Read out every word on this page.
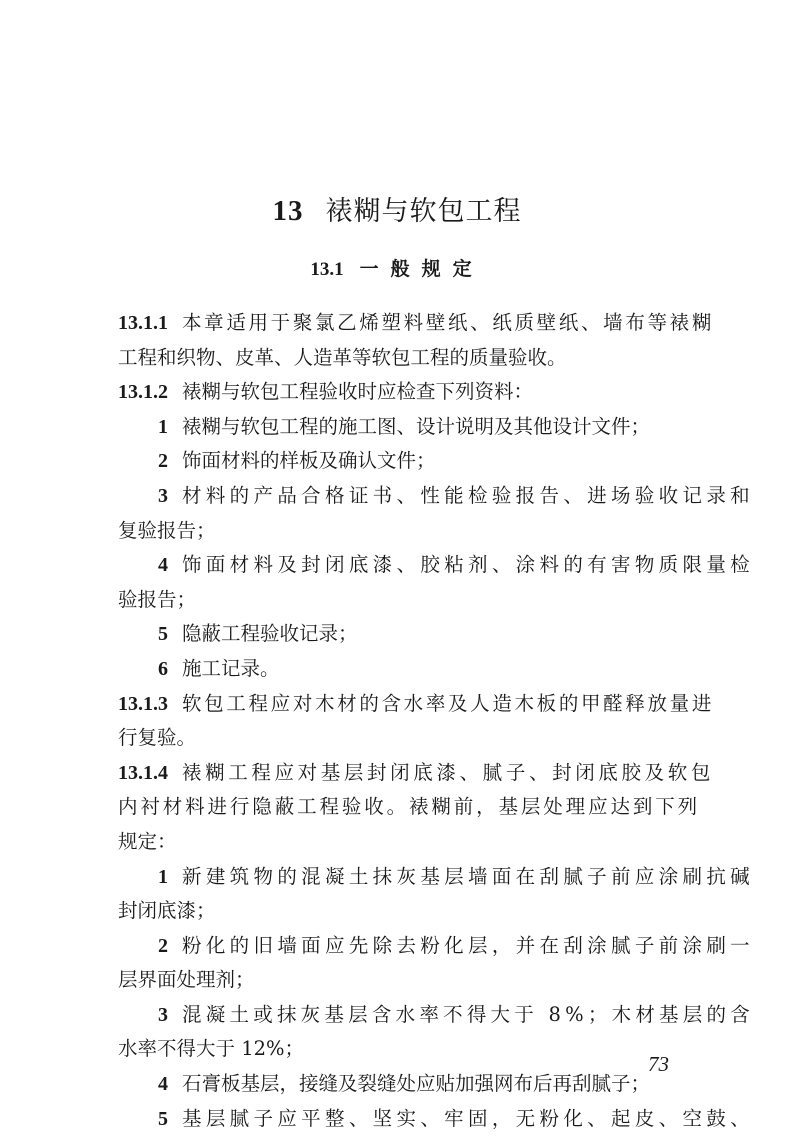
13 裱糊与软包工程
13.1 一般规定
13.1.1 本章适用于聚氯乙烯塑料壁纸、纸质壁纸、墙布等裱糊
工程和织物、皮革、人造革等软包工程的质量验收。
13.1.2 裱糊与软包工程验收时应检查下列资料：
1 裱糊与软包工程的施工图、设计说明及其他设计文件；
2 饰面材料的样板及确认文件；
3 材料的产品合格证书、性能检验报告、进场验收记录和
复验报告；
4 饰面材料及封闭底漆、胶粘剂、涂料的有害物质限量检
验报告；
5 隐蔽工程验收记录；
6 施工记录。
13.1.3 软包工程应对木材的含水率及人造木板的甲醛释放量进
行复验。
13.1.4 裱糊工程应对基层封闭底漆、腻子、封闭底胶及软包
内衬材料进行隐蔽工程验收。裱糊前，基层处理应达到下列
规定：
1 新建筑物的混凝土抹灰基层墙面在刮腻子前应涂刷抗碱
封闭底漆；
2 粉化的旧墙面应先除去粉化层，并在刮涂腻子前涂刷一
层界面处理剂；
3 混凝土或抹灰基层含水率不得大于 8%；木材基层的含
水率不得大于 12%；
4 石膏板基层，接缝及裂缝处应贴加强网布后再刮腻子；
5 基层腻子应平整、坚实、牢固，无粉化、起皮、空鼓、
73
